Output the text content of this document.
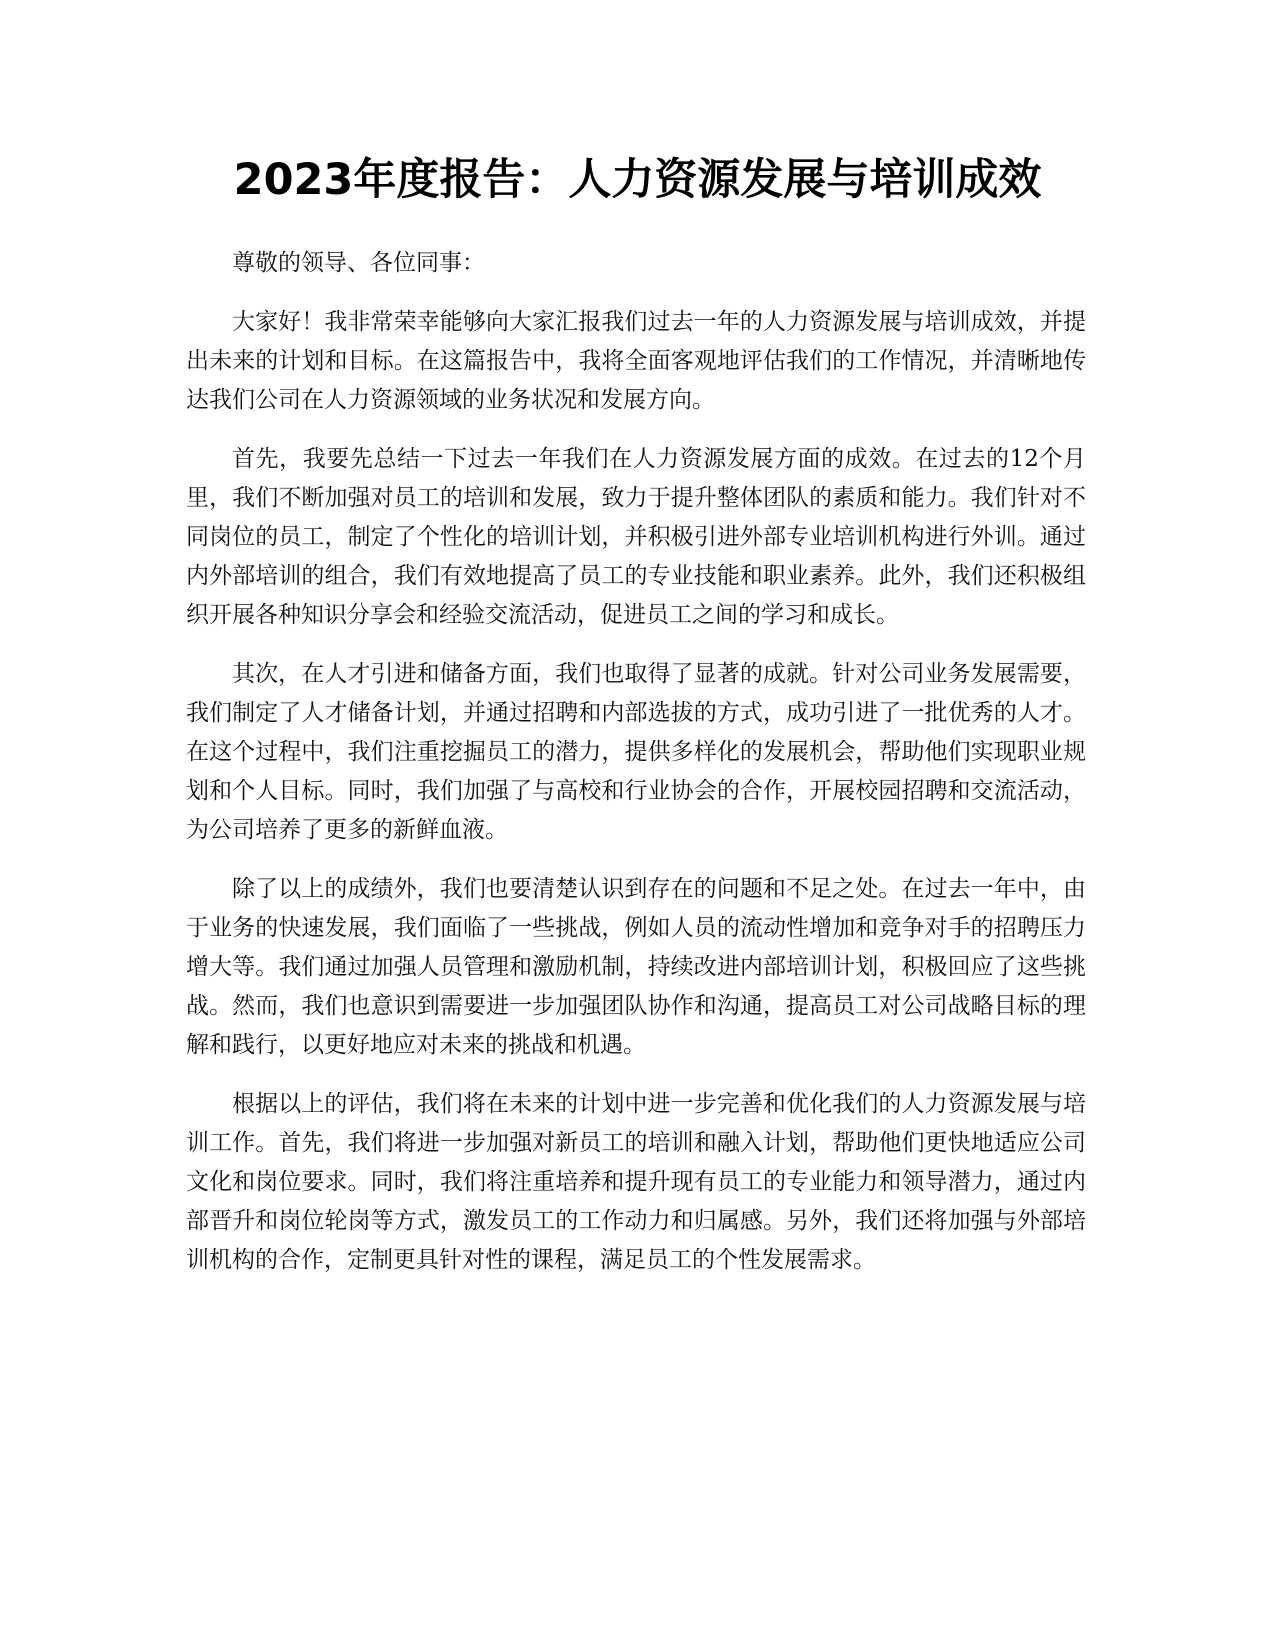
2023年度报告：人力资源发展与培训成效

尊敬的领导、各位同事：

大家好！我非常荣幸能够向大家汇报我们过去一年的人力资源发展与培训成效，并提出未来的计划和目标。在这篇报告中，我将全面客观地评估我们的工作情况，并清晰地传达我们公司在人力资源领域的业务状况和发展方向。

首先，我要先总结一下过去一年我们在人力资源发展方面的成效。在过去的12个月里，我们不断加强对员工的培训和发展，致力于提升整体团队的素质和能力。我们针对不同岗位的员工，制定了个性化的培训计划，并积极引进外部专业培训机构进行外训。通过内外部培训的组合，我们有效地提高了员工的专业技能和职业素养。此外，我们还积极组织开展各种知识分享会和经验交流活动，促进员工之间的学习和成长。

其次，在人才引进和储备方面，我们也取得了显著的成就。针对公司业务发展需要，我们制定了人才储备计划，并通过招聘和内部选拔的方式，成功引进了一批优秀的人才。在这个过程中，我们注重挖掘员工的潜力，提供多样化的发展机会，帮助他们实现职业规划和个人目标。同时，我们加强了与高校和行业协会的合作，开展校园招聘和交流活动，为公司培养了更多的新鲜血液。

除了以上的成绩外，我们也要清楚认识到存在的问题和不足之处。在过去一年中，由于业务的快速发展，我们面临了一些挑战，例如人员的流动性增加和竞争对手的招聘压力增大等。我们通过加强人员管理和激励机制，持续改进内部培训计划，积极回应了这些挑战。然而，我们也意识到需要进一步加强团队协作和沟通，提高员工对公司战略目标的理解和践行，以更好地应对未来的挑战和机遇。

根据以上的评估，我们将在未来的计划中进一步完善和优化我们的人力资源发展与培训工作。首先，我们将进一步加强对新员工的培训和融入计划，帮助他们更快地适应公司文化和岗位要求。同时，我们将注重培养和提升现有员工的专业能力和领导潜力，通过内部晋升和岗位轮岗等方式，激发员工的工作动力和归属感。另外，我们还将加强与外部培训机构的合作，定制更具针对性的课程，满足员工的个性发展需求。
